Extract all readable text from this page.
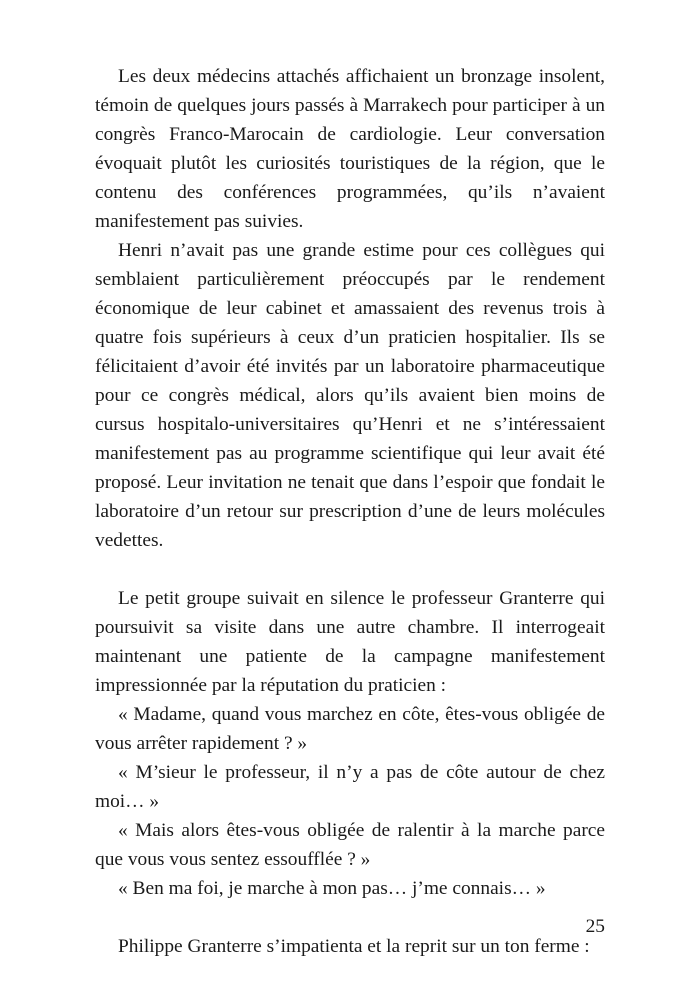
Les deux médecins attachés affichaient un bronzage insolent, témoin de quelques jours passés à Marrakech pour participer à un congrès Franco-Marocain de cardiologie. Leur conversation évoquait plutôt les curiosités touristiques de la région, que le contenu des conférences programmées, qu’ils n’avaient manifestement pas suivies.

Henri n’avait pas une grande estime pour ces collègues qui semblaient particulièrement préoccupés par le rendement économique de leur cabinet et amassaient des revenus trois à quatre fois supérieurs à ceux d’un praticien hospitalier. Ils se félicitaient d’avoir été invités par un laboratoire pharmaceutique pour ce congrès médical, alors qu’ils avaient bien moins de cursus hospitalo-universitaires qu’Henri et ne s’intéressaient manifestement pas au programme scientifique qui leur avait été proposé. Leur invitation ne tenait que dans l’espoir que fondait le laboratoire d’un retour sur prescription d’une de leurs molécules vedettes.

Le petit groupe suivait en silence le professeur Granterre qui poursuivit sa visite dans une autre chambre. Il interrogeait maintenant une patiente de la campagne manifestement impressionnée par la réputation du praticien :

« Madame, quand vous marchez en côte, êtes-vous obligée de vous arrêter rapidement ? »

« M’sieur le professeur, il n’y a pas de côte autour de chez moi… »

« Mais alors êtes-vous obligée de ralentir à la marche parce que vous vous sentez essoufflée ? »

« Ben ma foi, je marche à mon pas… j’me connais… »

Philippe Granterre s’impatienta et la reprit sur un ton ferme :

25
